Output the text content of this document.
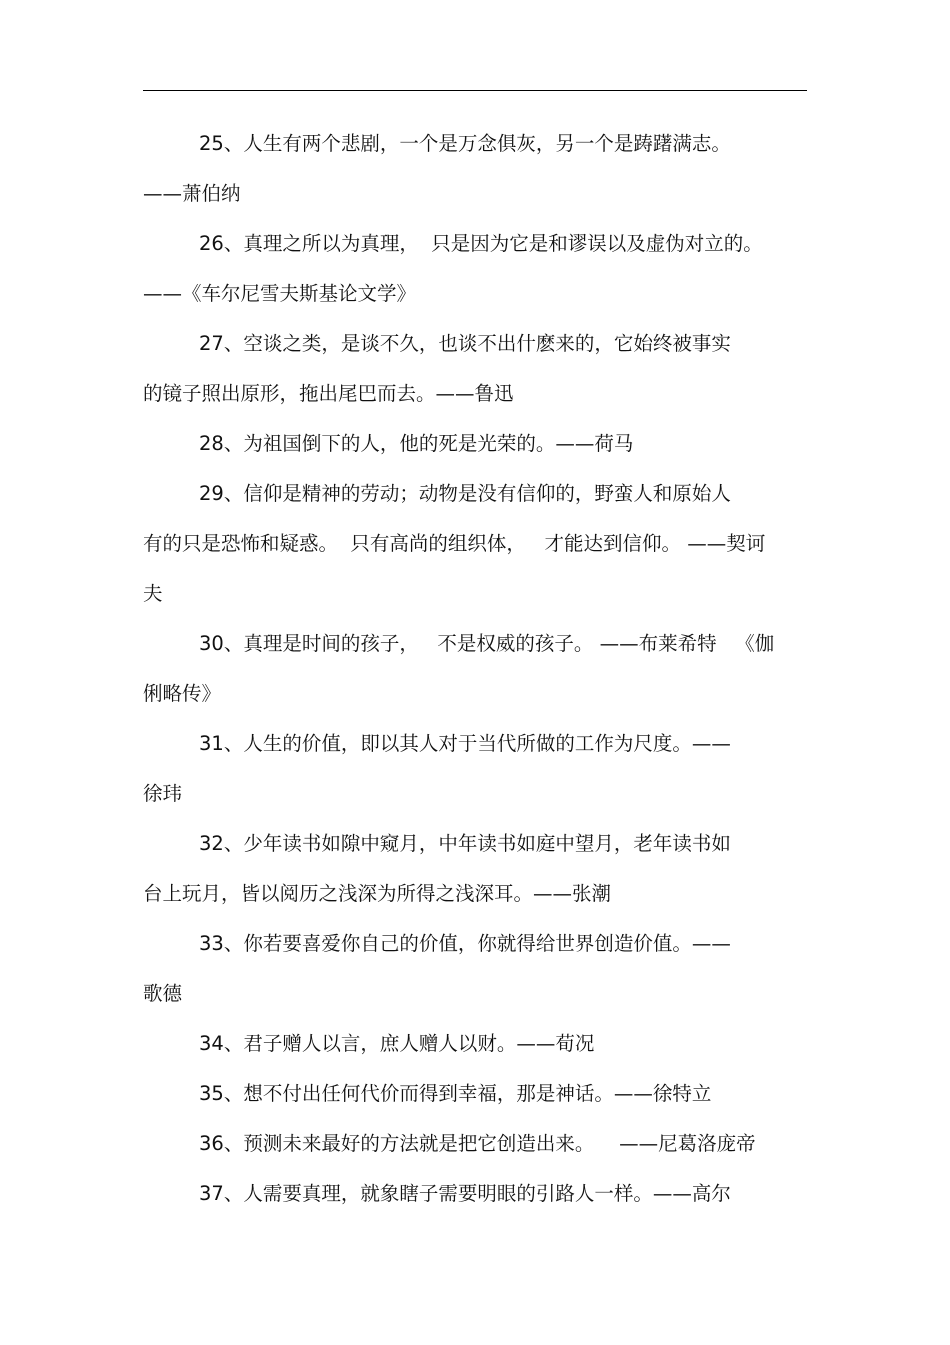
25、人生有两个悲剧，一个是万念俱灰，另一个是踌躇满志。
——萧伯纳
26、真理之所以为真理，  只是因为它是和谬误以及虚伪对立的。
——《车尔尼雪夫斯基论文学》
27、空谈之类，是谈不久，也谈不出什麽来的，它始终被事实
的镜子照出原形，拖出尾巴而去。——鲁迅
28、为祖国倒下的人，他的死是光荣的。——荷马
29、信仰是精神的劳动；动物是没有信仰的，野蛮人和原始人
有的只是恐怖和疑惑。  只有高尚的组织体，   才能达到信仰。 ——契诃
夫
30、真理是时间的孩子，   不是权威的孩子。 ——布莱希特   《伽
俐略传》
31、人生的价值，即以其人对于当代所做的工作为尺度。——
徐玮
32、少年读书如隙中窥月，中年读书如庭中望月，老年读书如
台上玩月，皆以阅历之浅深为所得之浅深耳。——张潮
33、你若要喜爱你自己的价值，你就得给世界创造价值。——
歌德
34、君子赠人以言，庶人赠人以财。——荀况
35、想不付出任何代价而得到幸福，那是神话。——徐特立
36、预测未来最好的方法就是把它创造出来。    ——尼葛洛庞帝
37、人需要真理，就象瞎子需要明眼的引路人一样。——高尔
